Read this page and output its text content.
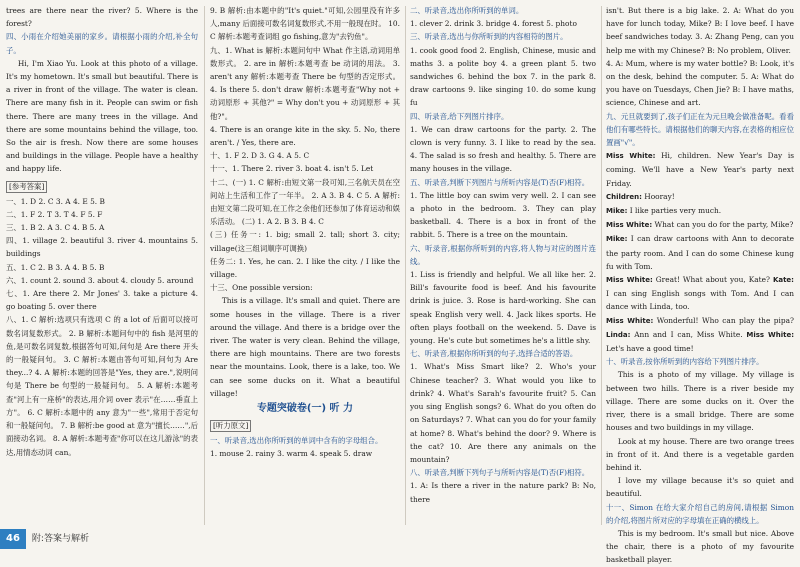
trees are there near the river? 5. Where is the forest?

四、小雨在介绍她美丽的家乡。请根据小雨的介绍,补全句子。

Hi, I'm Xiao Yu. Look at this photo of a village. It's my hometown. It's small but beautiful. There is a river in front of the village. The water is clean. There are many fish in it. People can swim or fish there. There are many trees in the village. And there are some mountains behind the village, too. So the air is fresh. Now there are some houses and buildings in the village. People have a healthy and happy life.

[参考答案]

一、1. D 2. C 3. A 4. E 5. B

二、1. F 2. T 3. T 4. F 5. F

三、1. B 2. A 3. C 4. B 5. A

四、1. village 2. beautiful 3. river 4. mountains 5. buildings

五、1. C 2. B 3. A 4. B 5. B

六、1. count 2. sound 3. about 4. cloudy 5. around

七、1. Are there 2. Mr Jones' 3. take a picture 4. go boating 5. over there

八、1. C 解析:选项只有选项 C 的 a lot of 后面可以接可数名词复数形式。 2. B 解析:本题问句中的 fish 是河里的鱼,是可数名词复数,根据答句可知,问句是 Are there 开头的一般疑问句。 3. C 解析:本题由答句可知,问句为 Are they...? 4. A 解析:本题的回答是"Yes, they are.",说明问句是 There be 句型的一般疑问句。 5. A 解析:本题考查"河上有一座桥"的表达,用介词 over 表示"在……垂直上方"。 6. C 解析:本题中的 any 意为"一些",常用于否定句和一般疑问句。 7. B 解析:be good at 意为"擅长……",后面接动名词。 8. A 解析:本题考查"你可以在这儿游泳"的表达,用情态动词 can。

9. B 解析:由本题中的"It's quiet."可知,公园里没有许多人,many 后面接可数名词复数形式,不用一般现在时。 10. C 解析:本题考查词组 go fishing,意为"去钓鱼"。

九、1. What is 解析:本题问句中 What 作主语,动词用单数形式。 2. are in 解析:本题考查 be 动词的用法。 3. aren't any 解析:本题考查 There be 句型的否定形式。 4. Is there 5. don't draw 解析:本题考查"Why not + 动词原形 + 其他?" = Why don't you + 动词原形 + 其他?"。

4. There is an orange kite in the sky. 5. No, there aren't. / Yes, there are.

十、1. F 2. D 3. G 4. A 5. C

十一、1. There 2. river 3. boat 4. isn't 5. Let

十二、(一) 1. C 解析:由短文第一段可知,三名航天员在空间站上生活和工作了一年半。 2. A 3. B 4. C 5. A 解析:由短文第二段可知,在工作之余他们还参加了体育运动和娱乐活动。 (二) 1. A 2. B 3. B 4. C

(三) 任务一: 1. big; small 2. tall; short 3. city; village(这三组词顺序可调换)

任务二: 1. Yes, he can. 2. I like the city. / I like the village.

十三、One possible version:

This is a village. It's small and quiet. There are some houses in the village. There is a river around the village. And there is a bridge over the river. The water is very clean. Behind the village, there are high mountains. There are two forests near the mountains. Look, there is a lake, too. We can see some ducks on it. What a beautiful village!

专题突破卷(一) 听 力

[听力原文]

一、听录音,选出你所听到的单词中含有的字母组合。

1. mouse 2. rainy 3. warm 4. speak 5. draw

二、听录音,选出你所听到的单词。

1. clever 2. drink 3. bridge 4. forest 5. photo

三、听录音,选出与你所听到的内容相符的图片。

1. cook good food 2. English, Chinese, music and maths 3. a polite boy 4. a green plant 5. two sandwiches 6. behind the box 7. in the park 8. draw cartoons 9. like singing 10. do some kung fu

四、听录音,给下列图片排序。

1. We can draw cartoons for the party. 2. The clown is very funny. 3. I like to read by the sea. 4. The salad is so fresh and healthy. 5. There are many houses in the village.

五、听录音,判断下列图片与所听内容是(T)否(F)相符。

1. The little boy can swim very well. 2. I can see a photo in the bedroom. 3. They can play basketball. 4. There is a box in front of the rabbit. 5. There is a tree on the mountain.

六、听录音,根据你所听到的内容,将人物与对应的图片连线。

1. Liss is friendly and helpful. We all like her. 2. Bill's favourite food is beef. And his favourite drink is juice. 3. Rose is hard-working. She can speak English very well. 4. Jack likes sports. He often plays football on the weekend. 5. Dave is young. He's cute but sometimes he's a little shy.

七、听录音,根据你所听到的句子,选择合适的答语。

1. What's Miss Smart like? 2. Who's your Chinese teacher? 3. What would you like to drink? 4. What's Sarah's favourite fruit? 5. Can you sing English songs? 6. What do you often do on Saturdays? 7. What can you do for your family at home? 8. What's behind the door? 9. Where is the cat? 10. Are there any animals on the mountain?

八、听录音,判断下列句子与所听内容是(T)否(F)相符。

1. A: Is there a river in the nature park? B: No, there

isn't. But there is a big lake. 2. A: What do you have for lunch today, Mike? B: I love beef. I have beef sandwiches today. 3. A: Zhang Peng, can you help me with my Chinese? B: No problem, Oliver.

4. A: Mum, where is my water bottle? B: Look, it's on the desk, behind the computer. 5. A: What do you have on Tuesdays, Chen Jie? B: I have maths, science, Chinese and art.

九、元旦就要到了,孩子们正在为元旦晚会做准备呢。看看他们有哪些特长。请根据他们的聊天内容,在表格的相应位置画"√"。

Miss White: Hi, children. New Year's Day is coming. We'll have a New Year's party next Friday.

Children: Hooray!

Mike: I like parties very much.

Miss White: What can you do for the party, Mike?

Mike: I can draw cartoons with Ann to decorate the party room. And I can do some Chinese kung fu with Tom.

Miss White: Great! What about you, Kate? Kate: I can sing English songs with Tom. And I can dance with Linda, too.

Miss White: Wonderful! Who can play the pipa? Linda: Ann and I can, Miss White. Miss White: Let's have a good time!

十、听录音,按你所听到的内容给下列图片排序。

This is a photo of my village. My village is between two hills. There is a river beside my village. There are some ducks on it. Over the river, there is a small bridge. There are some houses and two buildings in my village.

Look at my house. There are two orange trees in front of it. And there is a vegetable garden behind it.

I love my village because it's so quiet and beautiful.

十一、Simon 在给大家介绍自己的房间,请根据 Simon 的介绍,将图片所对应的字母填在正确的横线上。

This is my bedroom. It's small but nice. Above the chair, there is a photo of my favourite basketball player.

46 附:答案与解析
